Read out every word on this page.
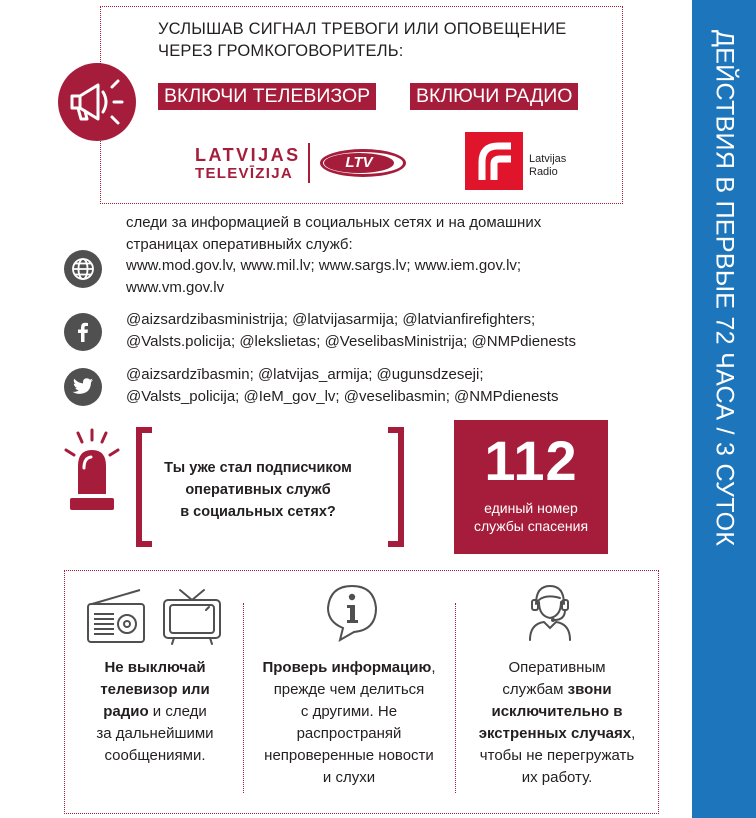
ДЕЙСТВИЯ В ПЕРВЫЕ 72 ЧАСА / 3 СУТОК
УСЛЫШАВ СИГНАЛ ТРЕВОГИ ИЛИ ОПОВЕЩЕНИЕ
ЧЕРЕЗ ГРОМКОГОВОРИТЕЛЬ:
ВКЛЮЧИ ТЕЛЕВИЗОР	ВКЛЮЧИ РАДИО
LATVIJAS
TELEVĪZIJA
LTV	Latvijas
Radio
следи за информацией в социальных сетях и на домашних
страницах оперативныйх служб:
www.mod.gov.lv, www.mil.lv; www.sargs.lv; www.iem.gov.lv;
www.vm.gov.lv
@aizsardzibasministrija; @latvijasarmija; @latvianfirefighters;
@Valsts.policija; @lekslietas; @VeselibasMinistrija; @NMPdienests
@aizsardzībasmin; @latvijas_armija; @ugunsdzeseji;
@Valsts_policija; @IeM_gov_lv; @veselibasmin; @NMPdienests
Ты уже стал подписчиком
оперативных служб
в социальных сетях?
112
единый номер
службы спасения
Не выключай
телевизор или
радио и следи
за дальнейшими
сообщениями.
Проверь информацию,
прежде чем делиться
с другими. Не
распространяй
непроверенные новости
и слухи
Оперативным
службам звони
исключительно в
экстренных случаях,
чтобы не перегружать
их работу.
